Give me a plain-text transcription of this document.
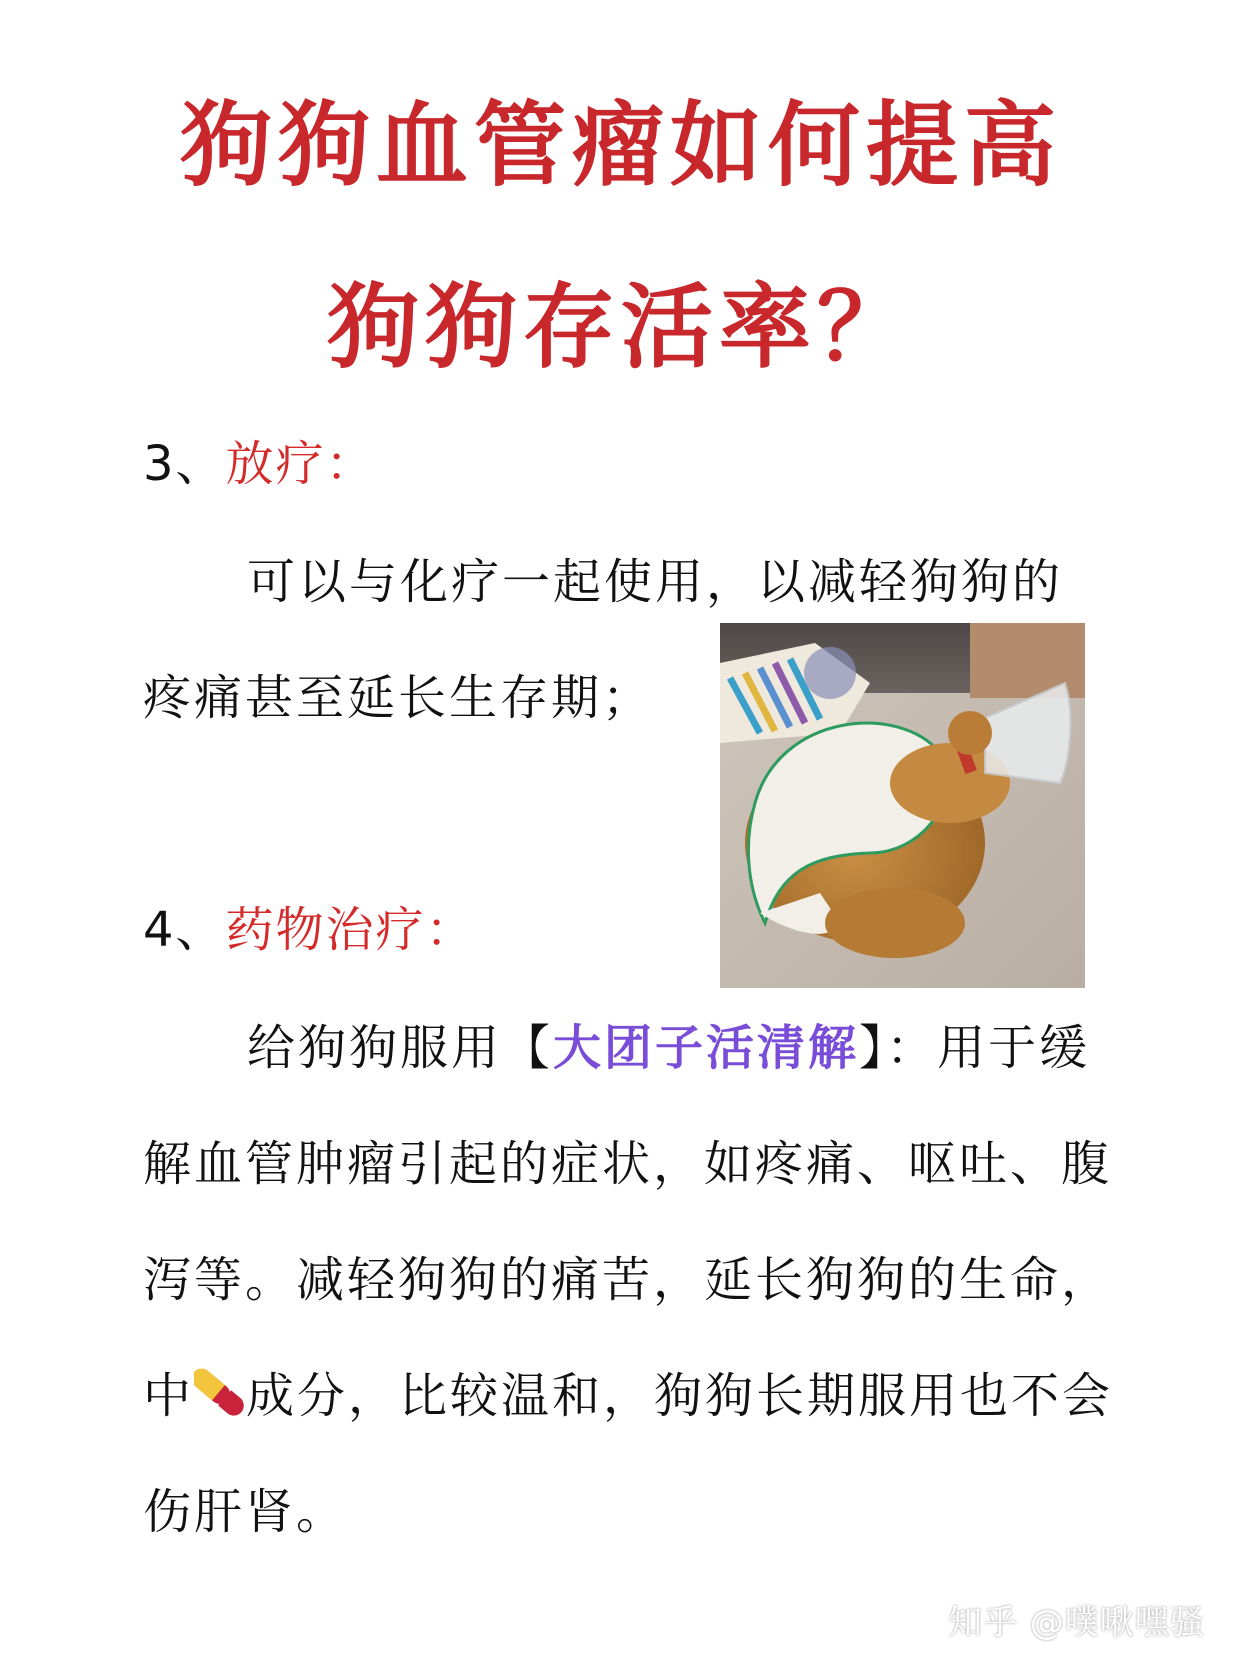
狗狗血管瘤如何提高
狗狗存活率？
3、放疗：
可以与化疗一起使用，以减轻狗狗的疼痛甚至延长生存期；
4、药物治疗：
给狗狗服用【大团子活清解】：用于缓解血管肿瘤引起的症状，如疼痛、呕吐、腹泻等。减轻狗狗的痛苦，延长狗狗的生命，中 成分，比较温和，狗狗长期服用也不会伤肝肾。
知乎 @噗啾嘿骚
